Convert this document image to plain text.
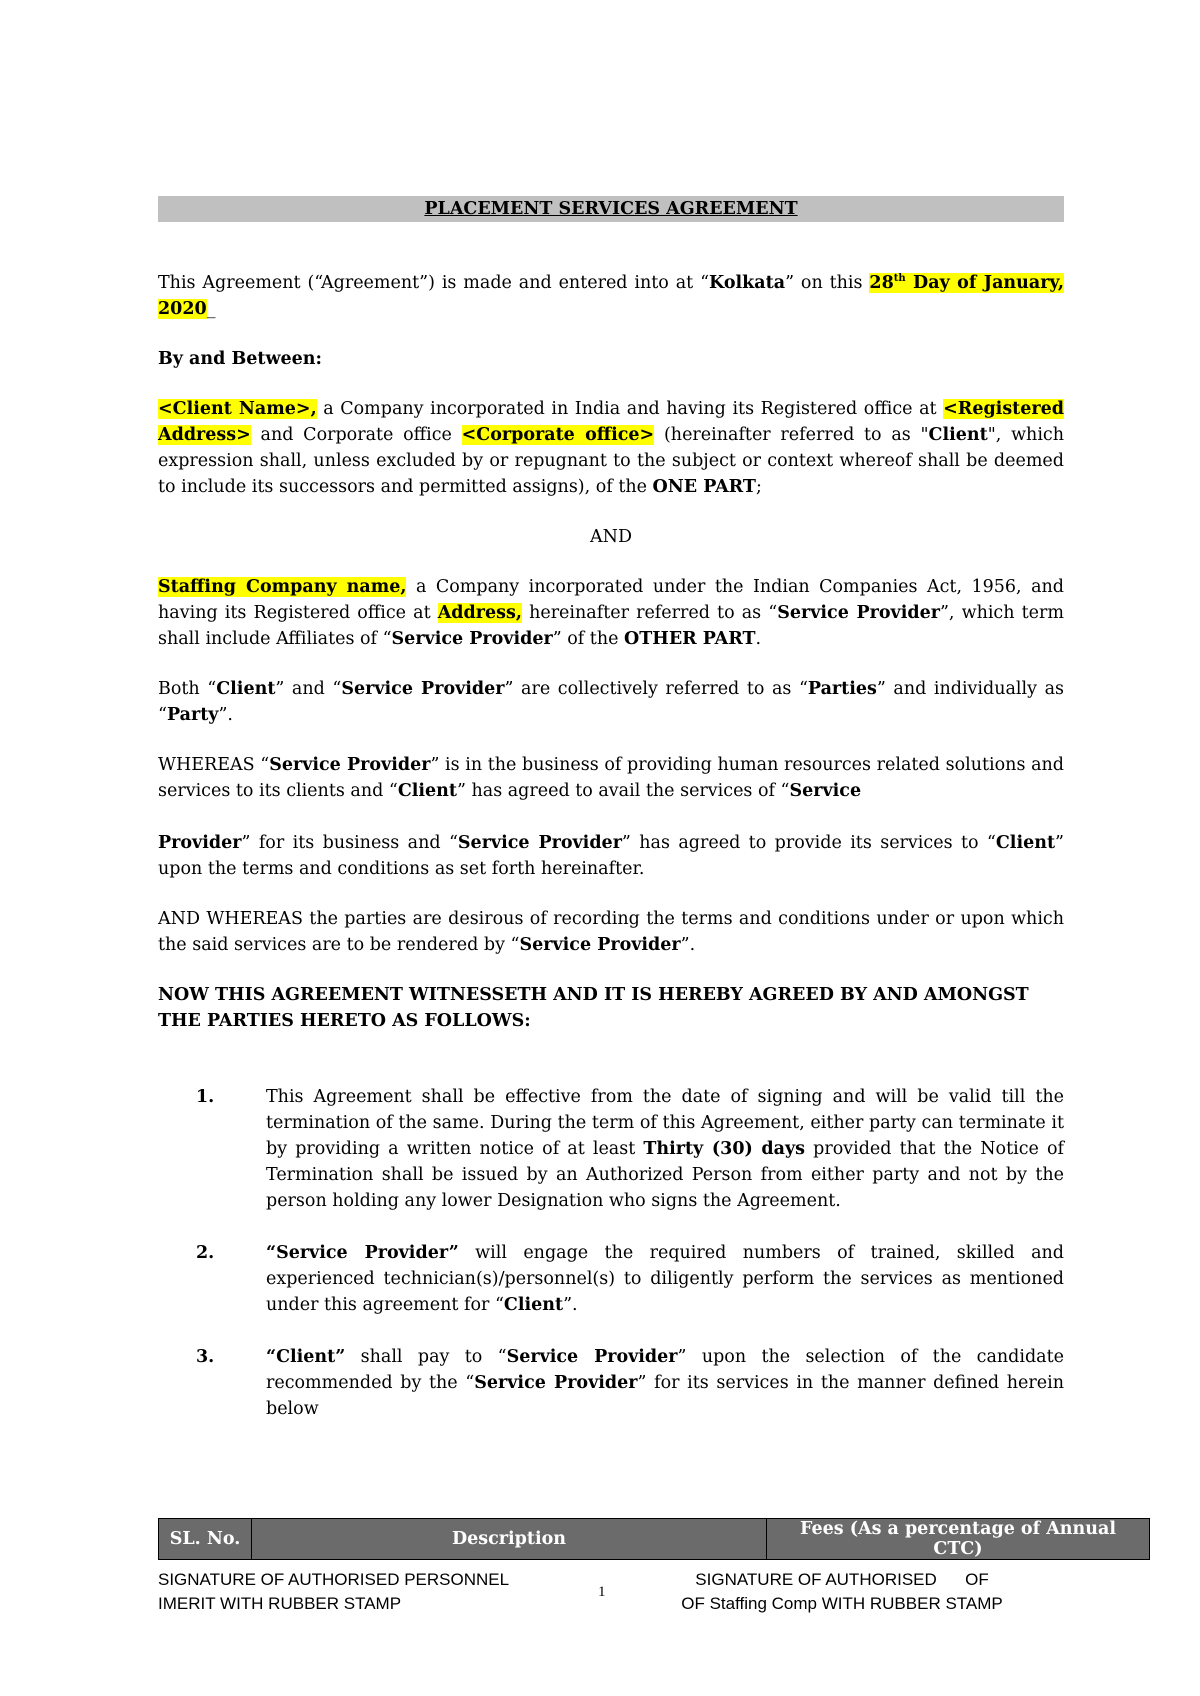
PLACEMENT SERVICES AGREEMENT

This Agreement (“Agreement”) is made and entered into at “Kolkata” on this 28th Day of January, 2020_

By and Between:

<Client Name>, a Company incorporated in India and having its Registered office at <Registered Address> and Corporate office <Corporate office> (hereinafter referred to as "Client", which expression shall, unless excluded by or repugnant to the subject or context whereof shall be deemed to include its successors and permitted assigns), of the ONE PART;

AND

Staffing Company name, a Company incorporated under the Indian Companies Act, 1956, and having its Registered office at Address, hereinafter referred to as “Service Provider”, which term shall include Affiliates of “Service Provider” of the OTHER PART.

Both “Client” and “Service Provider” are collectively referred to as “Parties” and individually as “Party”.

WHEREAS “Service Provider” is in the business of providing human resources related solutions and services to its clients and “Client” has agreed to avail the services of “Service

Provider” for its business and “Service Provider” has agreed to provide its services to “Client” upon the terms and conditions as set forth hereinafter.

AND WHEREAS the parties are desirous of recording the terms and conditions under or upon which the said services are to be rendered by “Service Provider”.

NOW THIS AGREEMENT WITNESSETH AND IT IS HEREBY AGREED BY AND AMONGST THE PARTIES HERETO AS FOLLOWS:

1.	This Agreement shall be effective from the date of signing and will be valid till the termination of the same. During the term of this Agreement, either party can terminate it by providing a written notice of at least Thirty (30) days provided that the Notice of Termination shall be issued by an Authorized Person from either party and not by the person holding any lower Designation who signs the Agreement.
2.	“Service Provider” will engage the required numbers of trained, skilled and experienced technician(s)/personnel(s) to diligently perform the services as mentioned under this agreement for “Client”.
3.	“Client” shall pay to “Service Provider” upon the selection of the candidate recommended by the “Service Provider” for its services in the manner defined herein below
SL. No.	Description	Fees (As a percentage of Annual CTC)
SIGNATURE OF AUTHORISED PERSONNEL
IMERIT WITH RUBBER STAMP
1
SIGNATURE OF AUTHORISED      OF
OF Staffing Comp WITH RUBBER STAMP
